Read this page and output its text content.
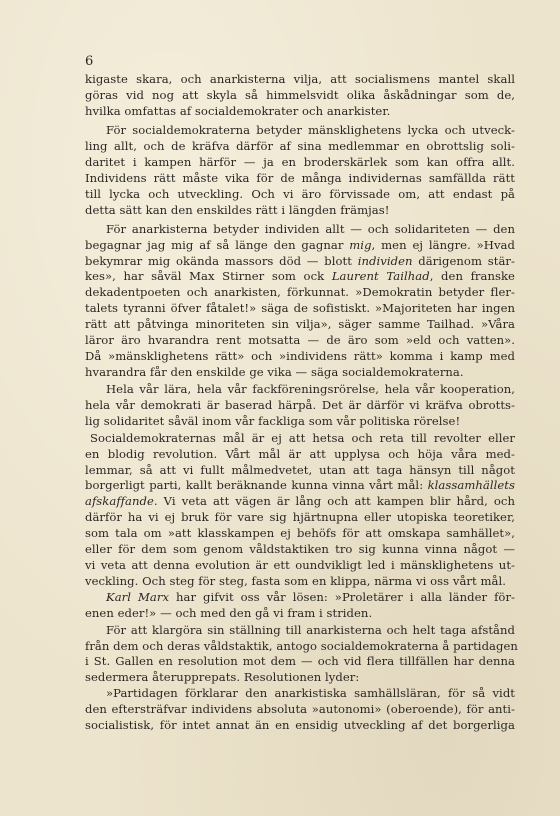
6
kigaste skara, och anarkisterna vilja, att socialismens mantel skall
göras vid nog att skyla så himmelsvidt olika åskådningar som de,
hvilka omfattas af socialdemokrater och anarkister.
För socialdemokraterna betyder mänsklighetens lycka och utveck-
ling allt, och de kräfva därför af sina medlemmar en obrottslig soli-
daritet i kampen härför — ja en broderskärlek som kan offra allt.
Individens rätt måste vika för de många individernas samfällda rätt
till lycka och utveckling. Och vi äro förvissade om, att endast på
detta sätt kan den enskildes rätt i längden främjas!
För anarkisterna betyder individen allt — och solidariteten — den
begagnar jag mig af så länge den gagnar mig, men ej längre. »Hvad
bekymrar mig okända massors död — blott individen därigenom stär-
kes», har såväl Max Stirner som ock Laurent Tailhad, den franske
dekadentpoeten och anarkisten, förkunnat. »Demokratin betyder fler-
talets tyranni öfver fåtalet!» säga de sofistiskt. »Majoriteten har ingen
rätt att påtvinga minoriteten sin vilja», säger samme Tailhad. »Våra
läror äro hvarandra rent motsatta — de äro som »eld och vatten».
Då »mänsklighetens rätt» och »individens rätt» komma i kamp med
hvarandra får den enskilde ge vika — säga socialdemokraterna.
Hela vår lära, hela vår fackföreningsrörelse, hela vår kooperation,
hela vår demokrati är baserad härpå. Det är därför vi kräfva obrotts-
lig solidaritet såväl inom vår fackliga som vår politiska rörelse!
Socialdemokraternas mål är ej att hetsa och reta till revolter eller
en blodig revolution. Vårt mål är att upplysa och höja våra med-
lemmar, så att vi fullt målmedvetet, utan att taga hänsyn till något
borgerligt parti, kallt beräknande kunna vinna vårt mål: klassamhällets
afskaffande. Vi veta att vägen är lång och att kampen blir hård, och
därför ha vi ej bruk för vare sig hjärtnupna eller utopiska teoretiker,
som tala om »att klasskampen ej behöfs för att omskapa samhället»,
eller för dem som genom våldstaktiken tro sig kunna vinna något —
vi veta att denna evolution är ett oundvikligt led i mänsklighetens ut-
veckling. Och steg för steg, fasta som en klippa, närma vi oss vårt mål.
Karl Marx har gifvit oss vår lösen: »Proletärer i alla länder för-
enen eder!» — och med den gå vi fram i striden.
För att klargöra sin ställning till anarkisterna och helt taga afstånd
från dem och deras våldstaktik, antogo socialdemokraterna å partidagen
i St. Gallen en resolution mot dem — och vid flera tillfällen har denna
sedermera återupprepats. Resolutionen lyder:
»Partidagen förklarar den anarkistiska samhällsläran, för så vidt
den eftersträfvar individens absoluta »autonomi» (oberoende), för anti-
socialistisk, för intet annat än en ensidig utveckling af det borgerliga
